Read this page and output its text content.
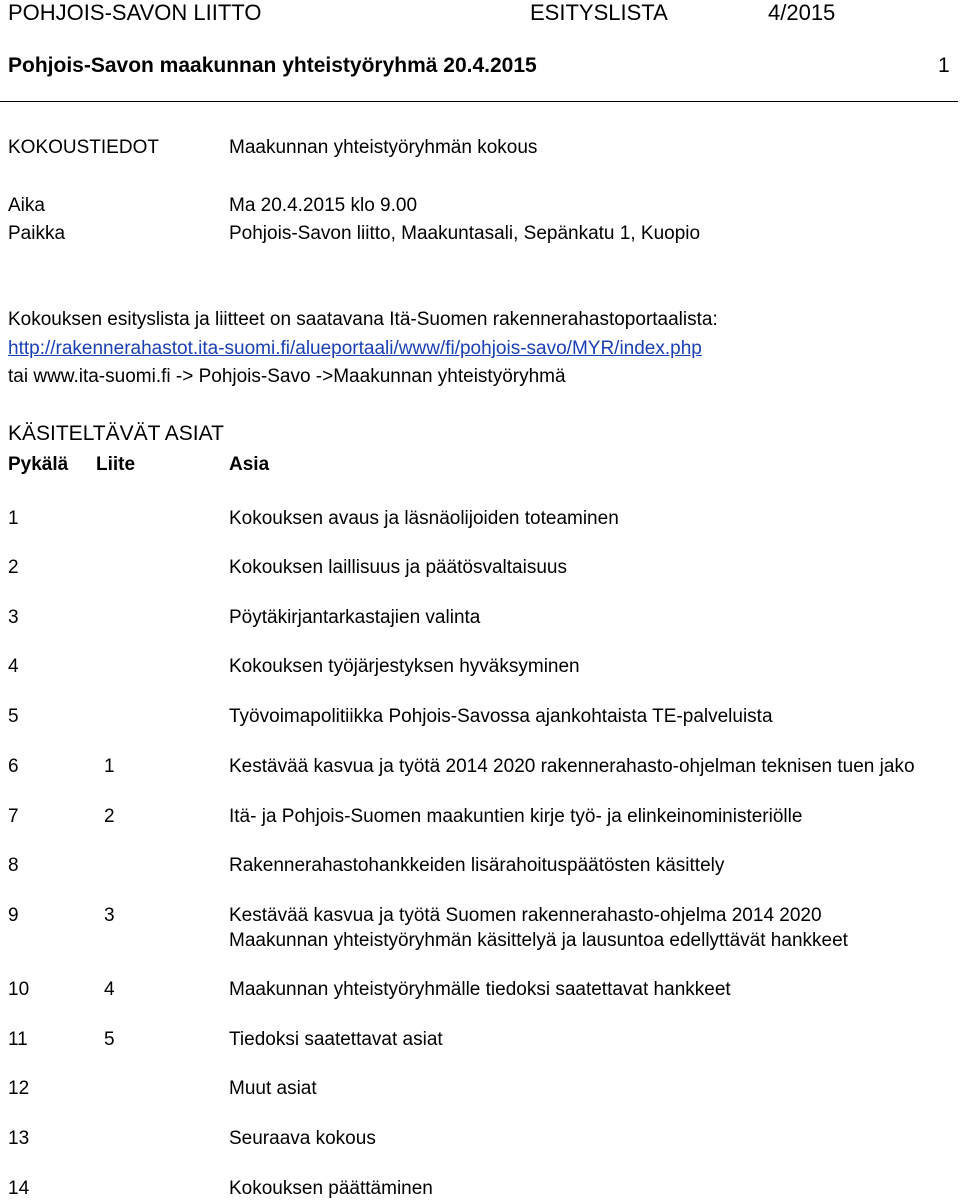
POHJOIS-SAVON LIITTO	ESITYSLISTA	4/2015
Pohjois-Savon maakunnan yhteistyöryhmä 20.4.2015	1
KOKOUSTIEDOT	Maakunnan yhteistyöryhmän kokous
Aika	Ma 20.4.2015 klo 9.00
Paikka	Pohjois-Savon liitto, Maakuntasali, Sepänkatu 1, Kuopio
Kokouksen esityslista ja liitteet on saatavana Itä-Suomen rakennerahastoportaalista:
http://rakennerahastot.ita-suomi.fi/alueportaali/www/fi/pohjois-savo/MYR/index.php
tai www.ita-suomi.fi -> Pohjois-Savo ->Maakunnan yhteistyöryhmä
KÄSITELTÄVÄT ASIAT
Pykälä Liite	Asia
1	Kokouksen avaus ja läsnäolijoiden toteaminen
2	Kokouksen laillisuus ja päätösvaltaisuus
3	Pöytäkirjantarkastajien valinta
4	Kokouksen työjärjestyksen hyväksyminen
5	Työvoimapolitiikka Pohjois-Savossa ajankohtaista TE-palveluista
6	1	Kestävää kasvua ja työtä 2014 2020 rakennerahasto-ohjelman teknisen tuen jako
7	2	Itä- ja Pohjois-Suomen maakuntien kirje työ- ja elinkeinoministeriölle
8	Rakennerahastohankkeiden lisärahoituspäätösten käsittely
9	3	Kestävää kasvua ja työtä Suomen rakennerahasto-ohjelma 2014 2020
Maakunnan yhteistyöryhmän käsittelyä ja lausuntoa edellyttävät hankkeet
10	4	Maakunnan yhteistyöryhmälle tiedoksi saatettavat hankkeet
11	5	Tiedoksi saatettavat asiat
12	Muut asiat
13	Seuraava kokous
14	Kokouksen päättäminen
